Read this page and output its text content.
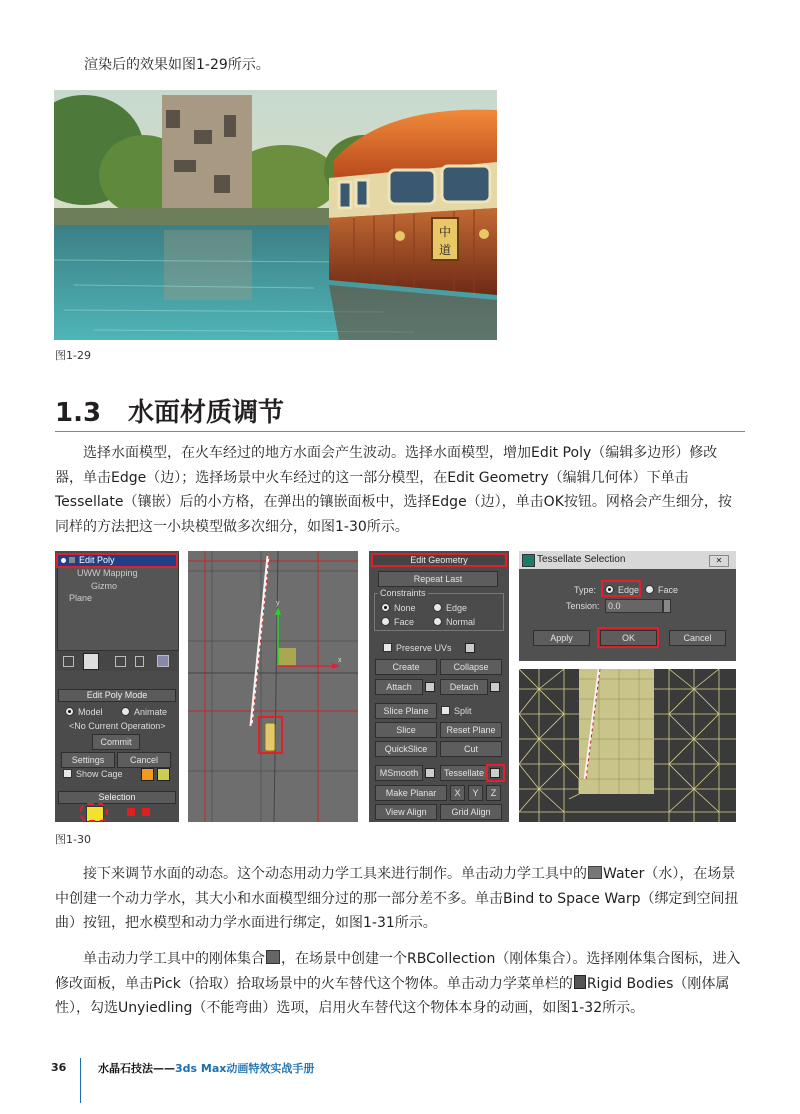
渲染后的效果如图1-29所示。
中
道
图1-29
1.3 水面材质调节

选择水面模型，在火车经过的地方水面会产生波动。选择水面模型，增加Edit Poly（编辑多边形）修改器，单击Edge（边）；选择场景中火车经过的这一部分模型，在Edit Geometry（编辑几何体）下单击Tessellate（镶嵌）后的小方格，在弹出的镶嵌面板中，选择Edge（边），单击OK按钮。网格会产生细分，按同样的方法把这一小块模型做多次细分，如图1-30所示。

Edit Poly
UWW Mapping
Gizmo
Plane
Edit Poly Mode
Model	Animate
<No Current Operation>
Commit
Settings	Cancel
Show Cage
Selection
y
x
Edit Geometry
Repeat Last
Constraints
None	Edge
Face	Normal
Preserve UVs
Create	Collapse
Attach	Detach
Slice Plane	Split
Slice	Reset Plane
QuickSlice	Cut
MSmooth	Tessellate
Make Planar	X	Y	Z
View Align	Grid Align
Tessellate Selection	✕
Type:	Edge	Face
Tension: 0.0
Apply	OK	Cancel
图1-30

接下来调节水面的动态。这个动态用动力学工具来进行制作。单击动力学工具中的 Water（水），在场景中创建一个动力学水，其大小和水面模型细分过的那一部分差不多。单击Bind to Space Warp（绑定到空间扭曲）按钮，把水模型和动力学水面进行绑定，如图1-31所示。

单击动力学工具中的刚体集合 ，在场景中创建一个RBCollection（刚体集合）。选择刚体集合图标，进入修改面板，单击Pick（拾取）拾取场景中的火车替代这个物体。单击动力学菜单栏的 Rigid Bodies（刚体属性），勾选Unyiedling（不能弯曲）选项，启用火车替代这个物体本身的动画，如图1-32所示。

36	水晶石技法——3ds Max动画特效实战手册
